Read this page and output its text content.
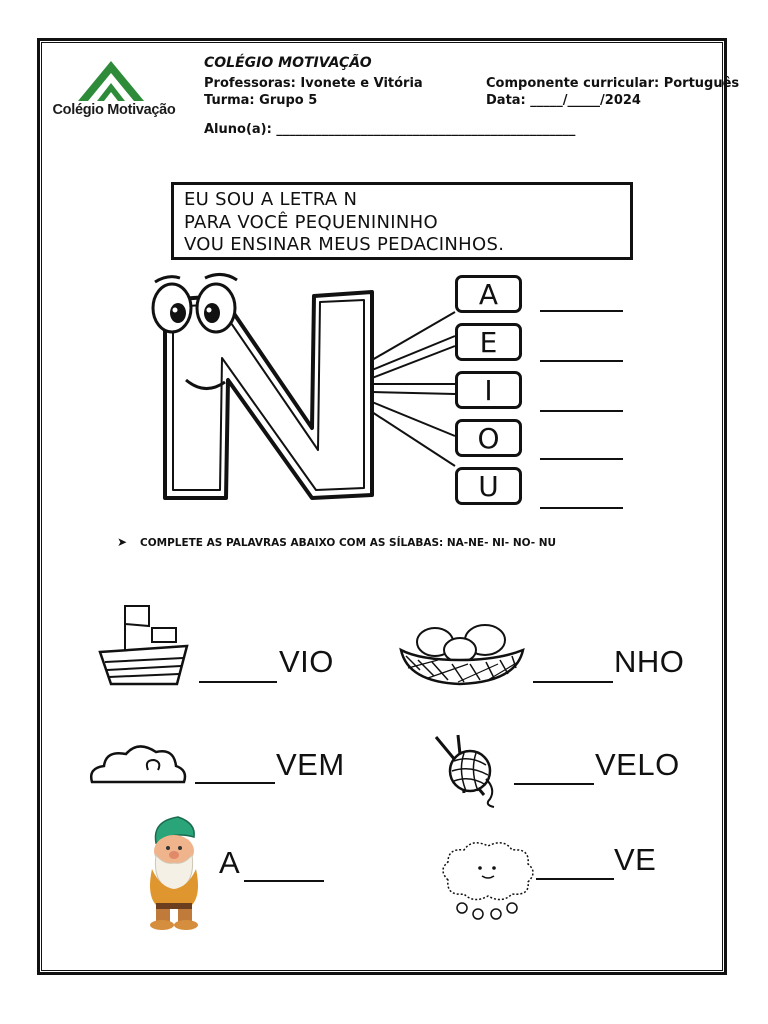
Colégio Motivação
COLÉGIO MOTIVAÇÃO
Professoras: Ivonete e Vitória
Turma: Grupo 5
Aluno(a): ______________________________________________
Componente curricular: Português
Data: _____/_____/2024
EU SOU A LETRA N
PARA VOCÊ PEQUENININHO
VOU ENSINAR MEUS PEDACINHOS.
A
E
I
O
U
➤ COMPLETE AS PALAVRAS ABAIXO COM AS SÍLABAS: NA-NE- NI- NO- NU
VIO	NHO
VEM	VELO
A	VE
